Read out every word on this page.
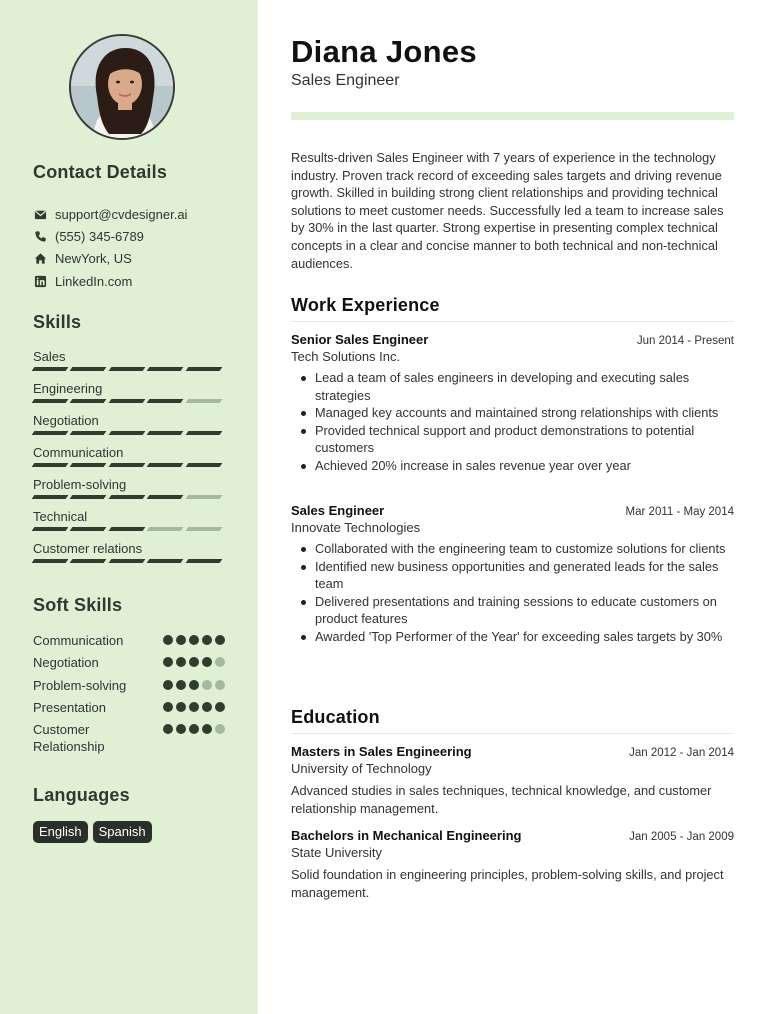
Contact Details
support@cvdesigner.ai
(555) 345-6789
NewYork, US
LinkedIn.com
Skills
Sales
Engineering
Negotiation
Communication
Problem-solving
Technical
Customer relations
Soft Skills
Communication
Negotiation
Problem-solving
Presentation
Customer Relationship
Languages
English	Spanish
Diana Jones
Sales Engineer
Results-driven Sales Engineer with 7 years of experience in the technology industry. Proven track record of exceeding sales targets and driving revenue growth. Skilled in building strong client relationships and providing technical solutions to meet customer needs. Successfully led a team to increase sales by 30% in the last quarter. Strong expertise in presenting complex technical concepts in a clear and concise manner to both technical and non-technical audiences.
Work Experience
Senior Sales Engineer	Jun 2014 - Present
Tech Solutions Inc.
Lead a team of sales engineers in developing and executing sales strategies
Managed key accounts and maintained strong relationships with clients
Provided technical support and product demonstrations to potential customers
Achieved 20% increase in sales revenue year over year
Sales Engineer	Mar 2011 - May 2014
Innovate Technologies
Collaborated with the engineering team to customize solutions for clients
Identified new business opportunities and generated leads for the sales team
Delivered presentations and training sessions to educate customers on product features
Awarded 'Top Performer of the Year' for exceeding sales targets by 30%
Education
Masters in Sales Engineering	Jan 2012 - Jan 2014
University of Technology
Advanced studies in sales techniques, technical knowledge, and customer relationship management.
Bachelors in Mechanical Engineering	Jan 2005 - Jan 2009
State University
Solid foundation in engineering principles, problem-solving skills, and project management.
